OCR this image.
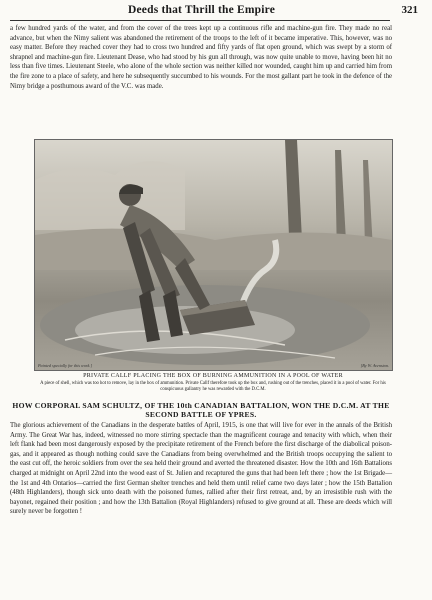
Deeds that Thrill the Empire	321

a few hundred yards of the water, and from the cover of the trees kept up a continuous rifle and machine-gun fire. They made no real advance, but when the Nimy salient was abandoned the retirement of the troops to the left of it became imperative. This, however, was no easy matter. Before they reached cover they had to cross two hundred and fifty yards of flat open ground, which was swept by a storm of shrapnel and machine-gun fire. Lieutenant Dease, who had stood by his gun all through, was now quite unable to move, having been hit no less than five times. Lieutenant Steele, who alone of the whole section was neither killed nor wounded, caught him up and carried him from the fire zone to a place of safety, and here he subsequently succumbed to his wounds. For the most gallant part he took in the defence of the Nimy bridge a posthumous award of the V.C. was made.

Painted specially for this work.]	[By W. Avenston.
PRIVATE CALLF PLACING THE BOX OF BURNING AMMUNITION IN A POOL OF WATER
A piece of shell, which was too hot to remove, lay in the box of ammunition. Private Callf therefore took up the box and, rushing out of the trenches, placed it in a pool of water. For his conspicuous gallantry he was rewarded with the D.C.M.
HOW CORPORAL SAM SCHULTZ, OF THE 10th CANADIAN BATTALION, WON THE D.C.M. AT THE SECOND BATTLE OF YPRES.

The glorious achievement of the Canadians in the desperate battles of April, 1915, is one that will live for ever in the annals of the British Army. The Great War has, indeed, witnessed no more stirring spectacle than the magnificent courage and tenacity with which, when their left flank had been most dangerously exposed by the precipitate retirement of the French before the first discharge of the diabolical poison-gas, and it appeared as though nothing could save the Canadians from being overwhelmed and the British troops occupying the salient to the east cut off, the heroic soldiers from over the sea held their ground and averted the threatened disaster. How the 10th and 16th Battalions charged at midnight on April 22nd into the wood east of St. Julien and recaptured the guns that had been left there ; how the 1st Brigade—the 1st and 4th Ontarios—carried the first German shelter trenches and held them until relief came two days later ; how the 15th Battalion (48th Highlanders), though sick unto death with the poisoned fumes, rallied after their first retreat, and, by an irresistible rush with the bayonet, regained their position ; and how the 13th Battalion (Royal Highlanders) refused to give ground at all. These are deeds which will surely never be forgotten !
